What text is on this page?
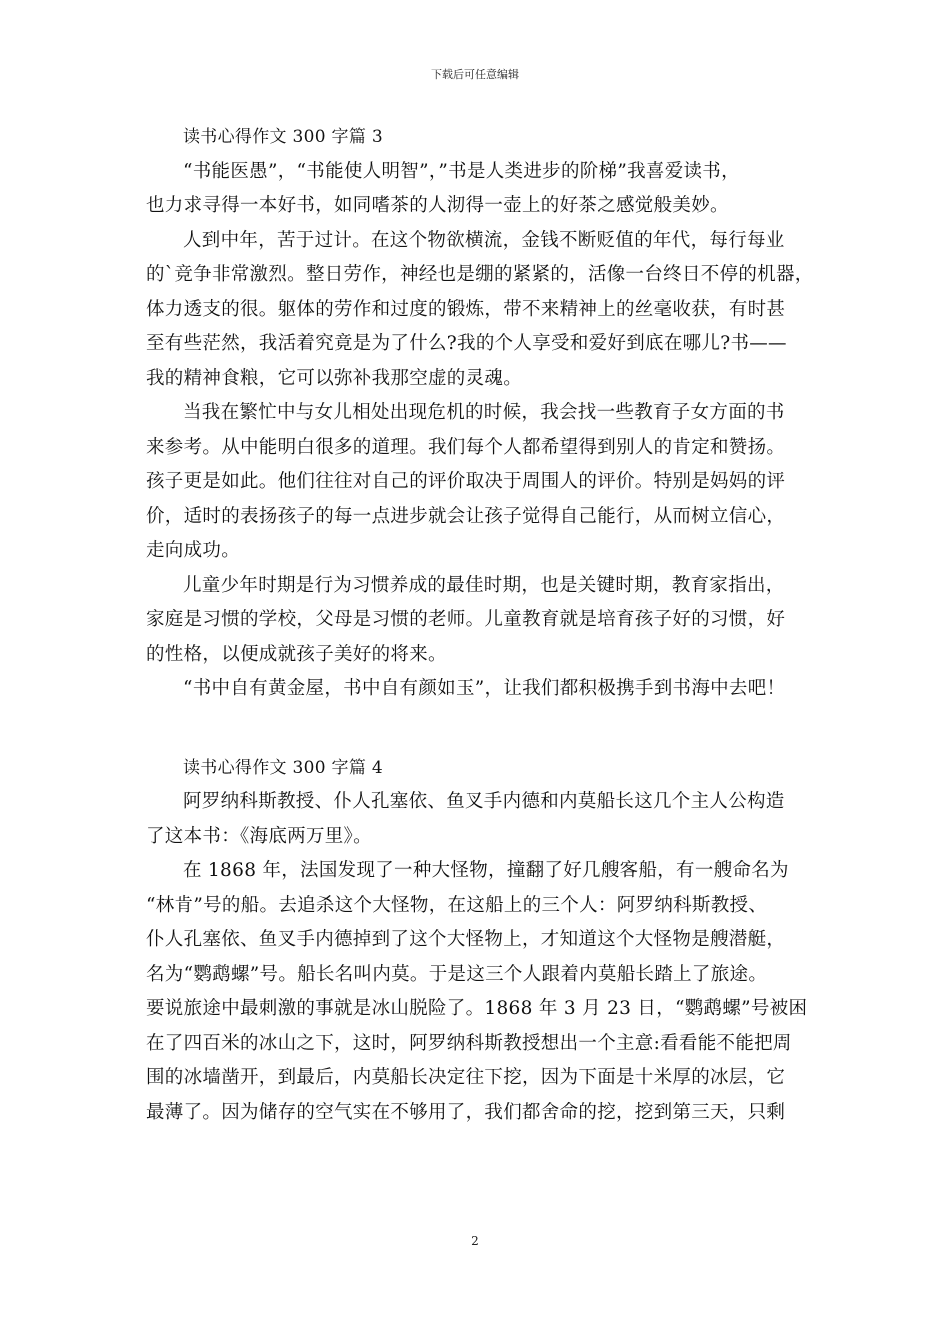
下载后可任意编辑
读书心得作文 300 字篇 3
“书能医愚”，“书能使人明智”，”书是人类进步的阶梯”我喜爱读书，
也力求寻得一本好书，如同嗜茶的人沏得一壶上的好茶之感觉般美妙。
人到中年，苦于过计。在这个物欲横流，金钱不断贬值的年代，每行每业
的`竞争非常激烈。整日劳作，神经也是绷的紧紧的，活像一台终日不停的机器，
体力透支的很。躯体的劳作和过度的锻炼，带不来精神上的丝毫收获，有时甚
至有些茫然，我活着究竟是为了什么?我的个人享受和爱好到底在哪儿?书——
我的精神食粮，它可以弥补我那空虚的灵魂。
当我在繁忙中与女儿相处出现危机的时候，我会找一些教育子女方面的书
来参考。从中能明白很多的道理。我们每个人都希望得到别人的肯定和赞扬。
孩子更是如此。他们往往对自己的评价取决于周围人的评价。特别是妈妈的评
价，适时的表扬孩子的每一点进步就会让孩子觉得自己能行，从而树立信心，
走向成功。
儿童少年时期是行为习惯养成的最佳时期，也是关键时期，教育家指出，
家庭是习惯的学校，父母是习惯的老师。儿童教育就是培育孩子好的习惯，好
的性格，以便成就孩子美好的将来。
“书中自有黄金屋，书中自有颜如玉”，让我们都积极携手到书海中去吧！
读书心得作文 300 字篇 4
阿罗纳科斯教授、仆人孔塞依、鱼叉手内德和内莫船长这几个主人公构造
了这本书：《海底两万里》。
在 1868 年，法国发现了一种大怪物，撞翻了好几艘客船，有一艘命名为
“林肯”号的船。去追杀这个大怪物，在这船上的三个人：阿罗纳科斯教授、
仆人孔塞依、鱼叉手内德掉到了这个大怪物上，才知道这个大怪物是艘潜艇，
名为“鹦鹉螺”号。船长名叫内莫。于是这三个人跟着内莫船长踏上了旅途。
要说旅途中最刺激的事就是冰山脱险了。1868 年 3 月 23 日，“鹦鹉螺”号被困
在了四百米的冰山之下，这时，阿罗纳科斯教授想出一个主意:看看能不能把周
围的冰墙凿开，到最后，内莫船长决定往下挖，因为下面是十米厚的冰层，它
最薄了。因为储存的空气实在不够用了，我们都舍命的挖，挖到第三天，只剩
2
